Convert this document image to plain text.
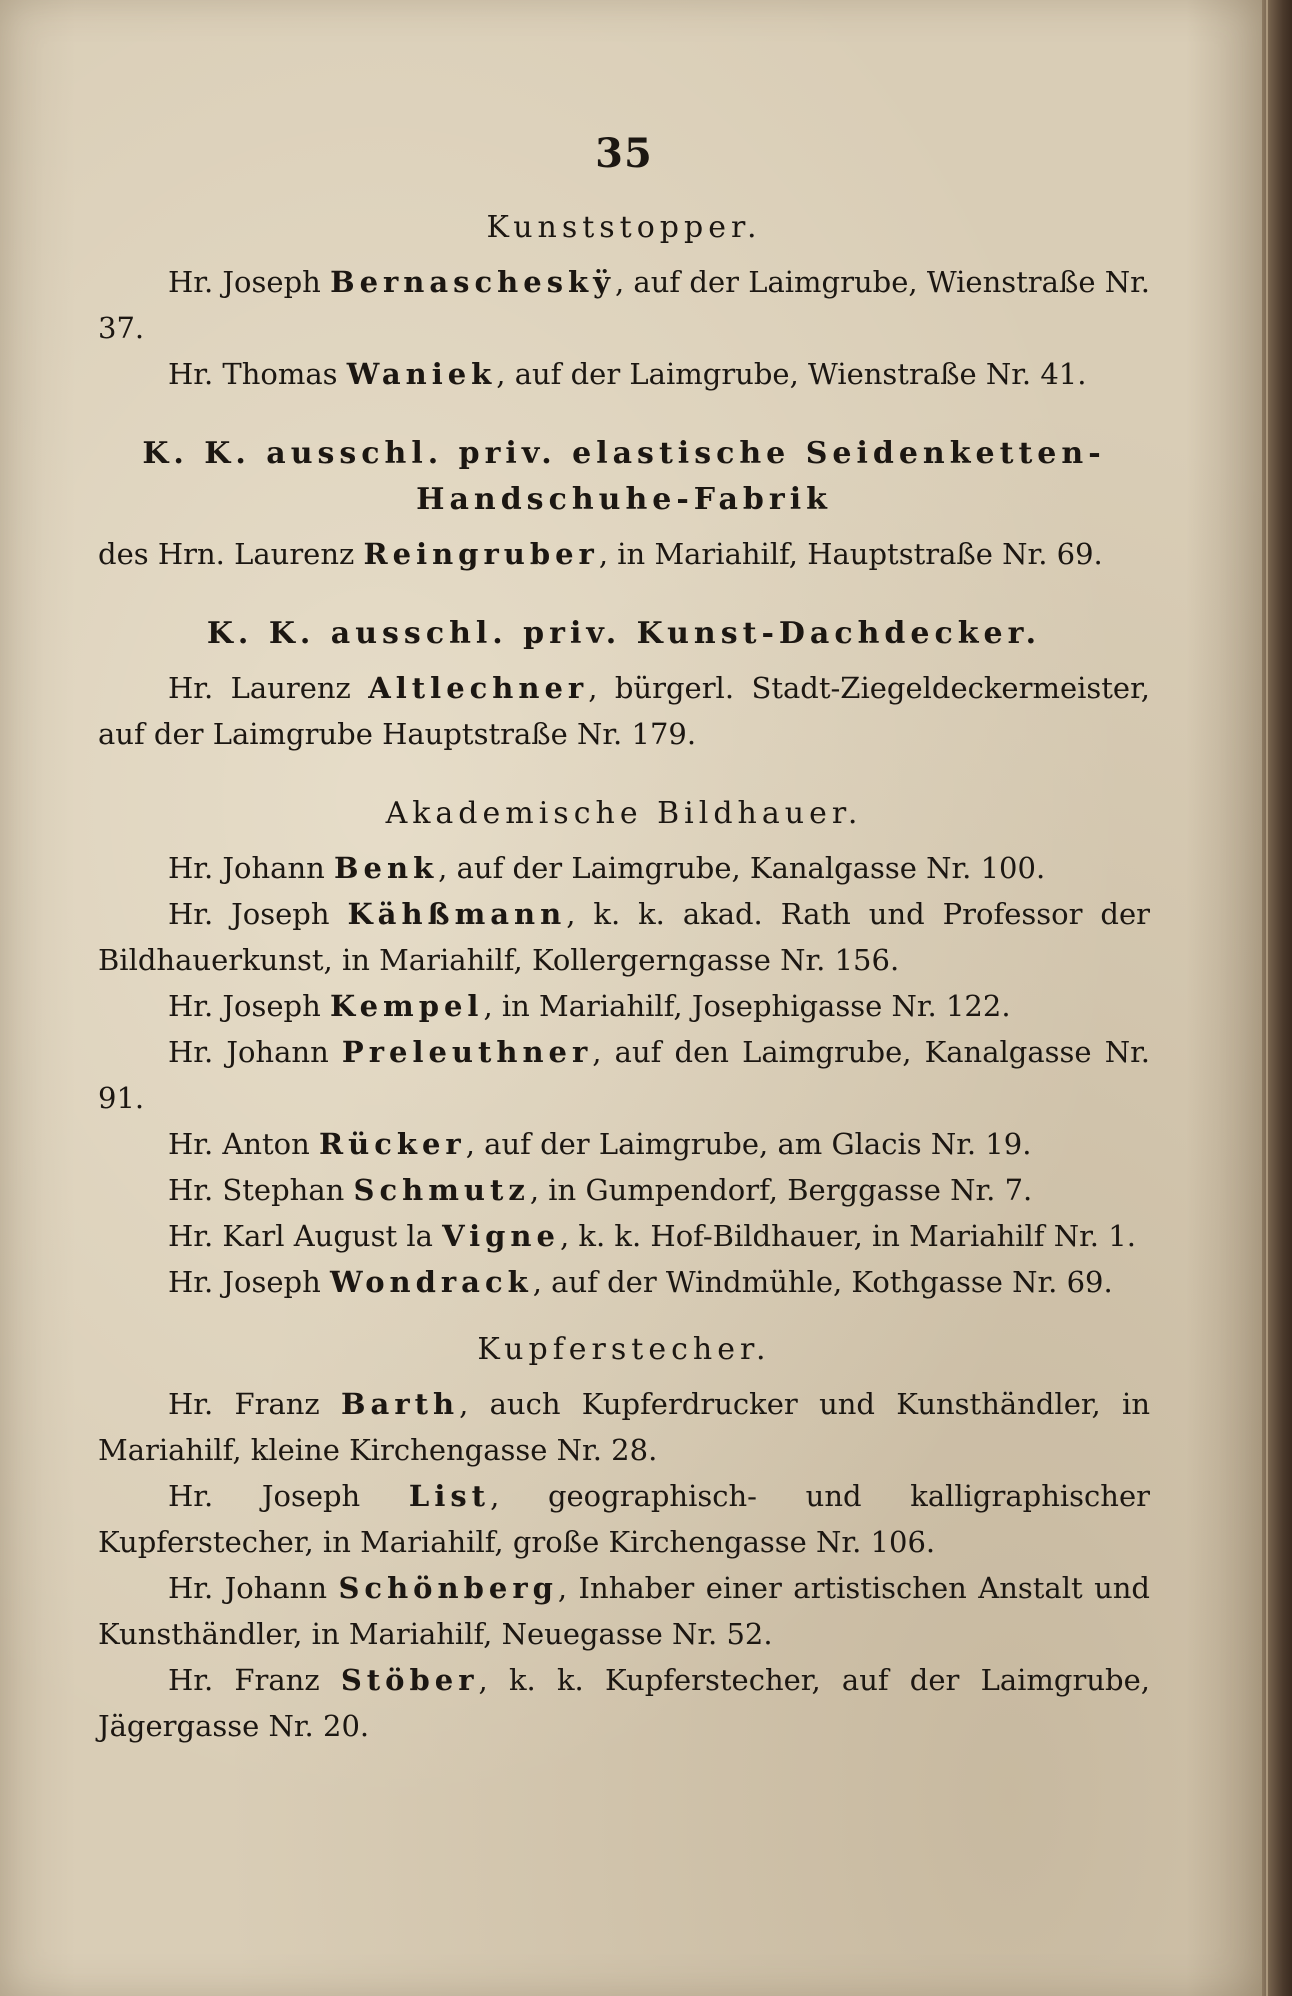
35
Kunststopper.

Hr. Joseph Bernascheskÿ, auf der Laimgrube, Wienstraße Nr. 37.

Hr. Thomas Waniek, auf der Laimgrube, Wienstraße Nr. 41.

K. K. ausschl. priv. elastische Seidenketten-Handschuhe-Fabrik

des Hrn. Laurenz Reingruber, in Mariahilf, Hauptstraße Nr. 69.

K. K. ausschl. priv. Kunst-Dachdecker.

Hr. Laurenz Altlechner, bürgerl. Stadt-Ziegeldeckermeister, auf der Laimgrube Hauptstraße Nr. 179.

Akademische Bildhauer.

Hr. Johann Benk, auf der Laimgrube, Kanalgasse Nr. 100.

Hr. Joseph Kähßmann, k. k. akad. Rath und Professor der Bildhauerkunst, in Mariahilf, Kollergerngasse Nr. 156.

Hr. Joseph Kempel, in Mariahilf, Josephigasse Nr. 122.

Hr. Johann Preleuthner, auf den Laimgrube, Kanalgasse Nr. 91.

Hr. Anton Rücker, auf der Laimgrube, am Glacis Nr. 19.

Hr. Stephan Schmutz, in Gumpendorf, Berggasse Nr. 7.

Hr. Karl August la Vigne, k. k. Hof-Bildhauer, in Mariahilf Nr. 1.

Hr. Joseph Wondrack, auf der Windmühle, Kothgasse Nr. 69.

Kupferstecher.

Hr. Franz Barth, auch Kupferdrucker und Kunsthändler, in Mariahilf, kleine Kirchengasse Nr. 28.

Hr. Joseph List, geographisch- und kalligraphischer Kupferstecher, in Mariahilf, große Kirchengasse Nr. 106.

Hr. Johann Schönberg, Inhaber einer artistischen Anstalt und Kunsthändler, in Mariahilf, Neuegasse Nr. 52.

Hr. Franz Stöber, k. k. Kupferstecher, auf der Laimgrube, Jägergasse Nr. 20.
